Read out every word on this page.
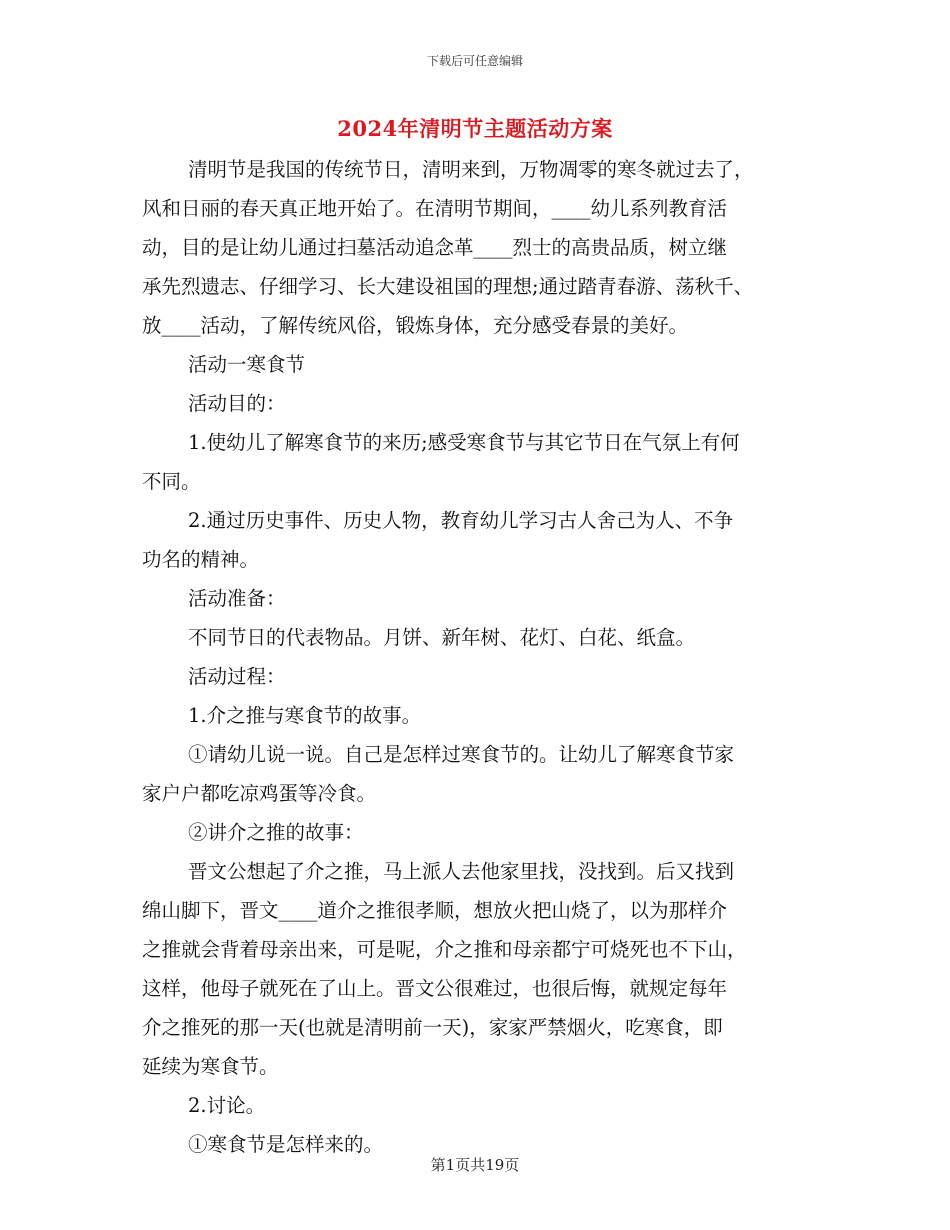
下载后可任意编辑
2024年清明节主题活动方案

清明节是我国的传统节日，清明来到，万物凋零的寒冬就过去了，

风和日丽的春天真正地开始了。在清明节期间，____幼儿系列教育活

动，目的是让幼儿通过扫墓活动追念革____烈士的高贵品质，树立继

承先烈遗志、仔细学习、长大建设祖国的理想;通过踏青春游、荡秋千、

放____活动，了解传统风俗，锻炼身体，充分感受春景的美好。

活动一寒食节

活动目的：

1.使幼儿了解寒食节的来历;感受寒食节与其它节日在气氛上有何

不同。

2.通过历史事件、历史人物，教育幼儿学习古人舍己为人、不争

功名的精神。

活动准备：

不同节日的代表物品。月饼、新年树、花灯、白花、纸盒。

活动过程：

1.介之推与寒食节的故事。

①请幼儿说一说。自己是怎样过寒食节的。让幼儿了解寒食节家

家户户都吃凉鸡蛋等冷食。

②讲介之推的故事：

晋文公想起了介之推，马上派人去他家里找，没找到。后又找到

绵山脚下，晋文____道介之推很孝顺，想放火把山烧了，以为那样介

之推就会背着母亲出来，可是呢，介之推和母亲都宁可烧死也不下山，

这样，他母子就死在了山上。晋文公很难过，也很后悔，就规定每年

介之推死的那一天(也就是清明前一天)，家家严禁烟火，吃寒食，即

延续为寒食节。

2.讨论。

①寒食节是怎样来的。

第1页共19页
